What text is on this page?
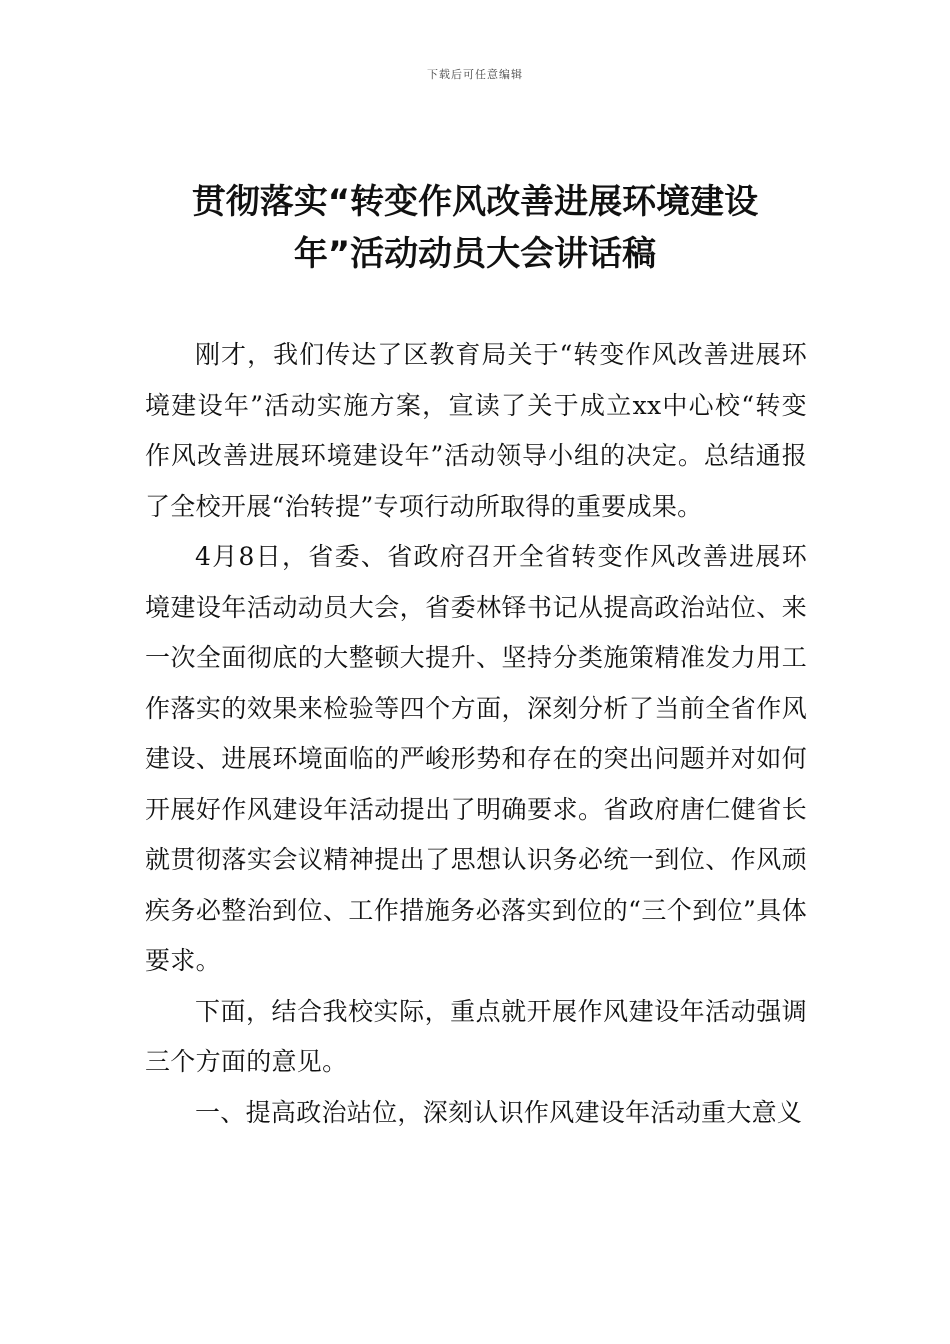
下载后可任意编辑
贯彻落实“转变作风改善进展环境建设
年”活动动员大会讲话稿

刚才，我们传达了区教育局关于“转变作风改善进展环境建设年”活动实施方案，宣读了关于成立xx中心校“转变作风改善进展环境建设年”活动领导小组的决定。总结通报了全校开展“治转提”专项行动所取得的重要成果。

4月8日，省委、省政府召开全省转变作风改善进展环境建设年活动动员大会，省委林铎书记从提高政治站位、来一次全面彻底的大整顿大提升、坚持分类施策精准发力用工作落实的效果来检验等四个方面，深刻分析了当前全省作风建设、进展环境面临的严峻形势和存在的突出问题并对如何开展好作风建设年活动提出了明确要求。省政府唐仁健省长就贯彻落实会议精神提出了思想认识务必统一到位、作风顽疾务必整治到位、工作措施务必落实到位的“三个到位”具体要求。

下面，结合我校实际，重点就开展作风建设年活动强调三个方面的意见。

一、提高政治站位，深刻认识作风建设年活动重大意义
